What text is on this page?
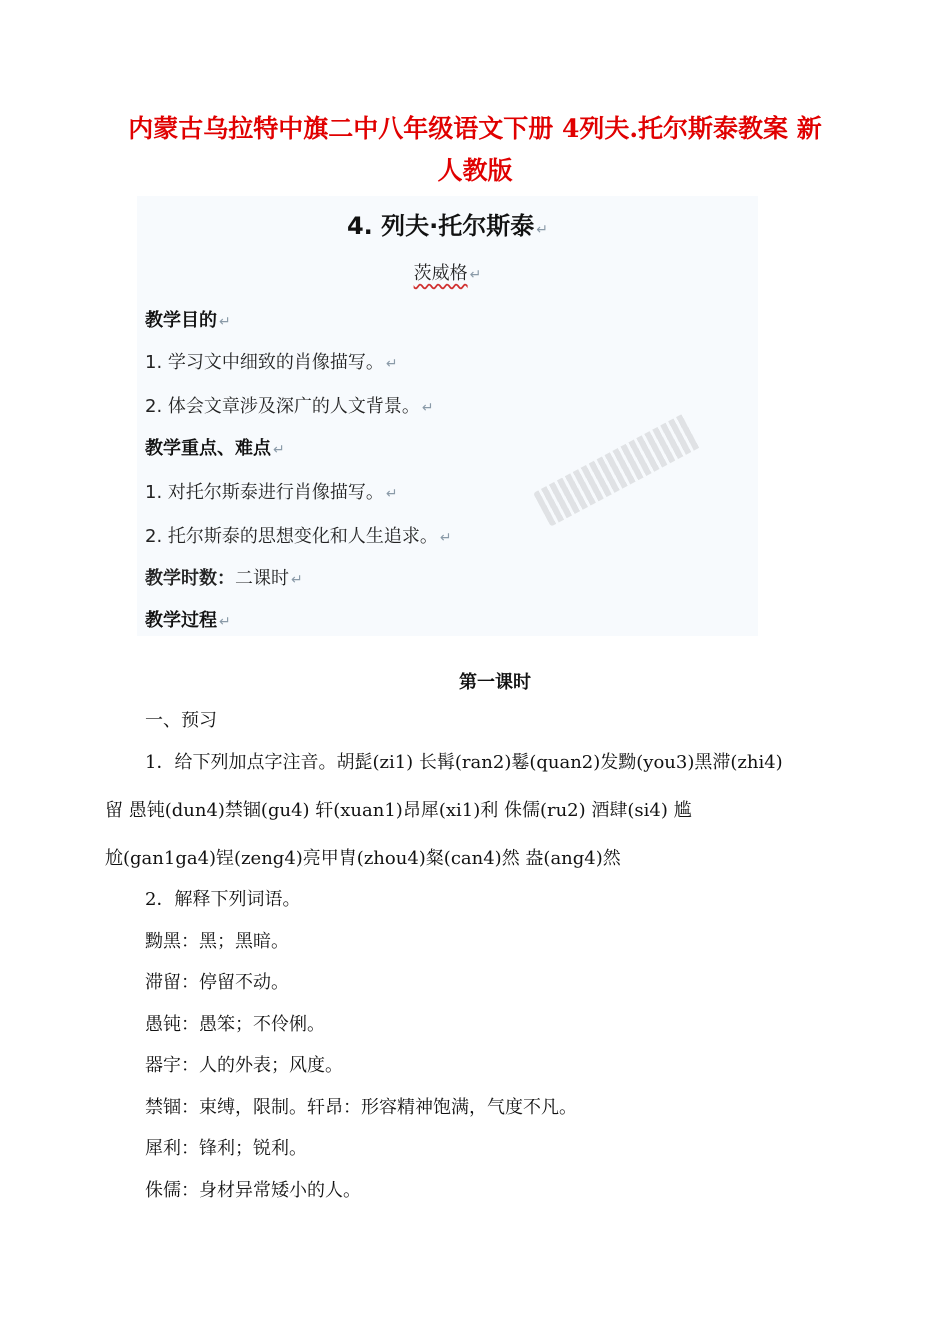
内蒙古乌拉特中旗二中八年级语文下册 4列夫.托尔斯泰教案 新
人教版
4. 列夫·托尔斯泰 ↵
茨威格 ↵
教学目的 ↵
1. 学习文中细致的肖像描写。 ↵
2. 体会文章涉及深广的人文背景。 ↵
教学重点、难点 ↵
1. 对托尔斯泰进行肖像描写。 ↵
2. 托尔斯泰的思想变化和人生追求。 ↵
教学时数：二课时 ↵
教学过程 ↵
第一课时
一、预习
1．给下列加点字注音。胡髭(zi1) 长髯(ran2)鬈(quan2)发黝(you3)黑滞(zhi4)
留 愚钝(dun4)禁锢(gu4) 轩(xuan1)昂犀(xi1)利 侏儒(ru2) 酒肆(si4) 尴
尬(gan1ga4)锃(zeng4)亮甲胄(zhou4)粲(can4)然 盎(ang4)然
2．解释下列词语。
黝黑：黑；黑暗。
滞留：停留不动。
愚钝：愚笨；不伶俐。
器宇：人的外表；风度。
禁锢：束缚，限制。轩昂：形容精神饱满，气度不凡。
犀利：锋利；锐利。
侏儒：身材异常矮小的人。
